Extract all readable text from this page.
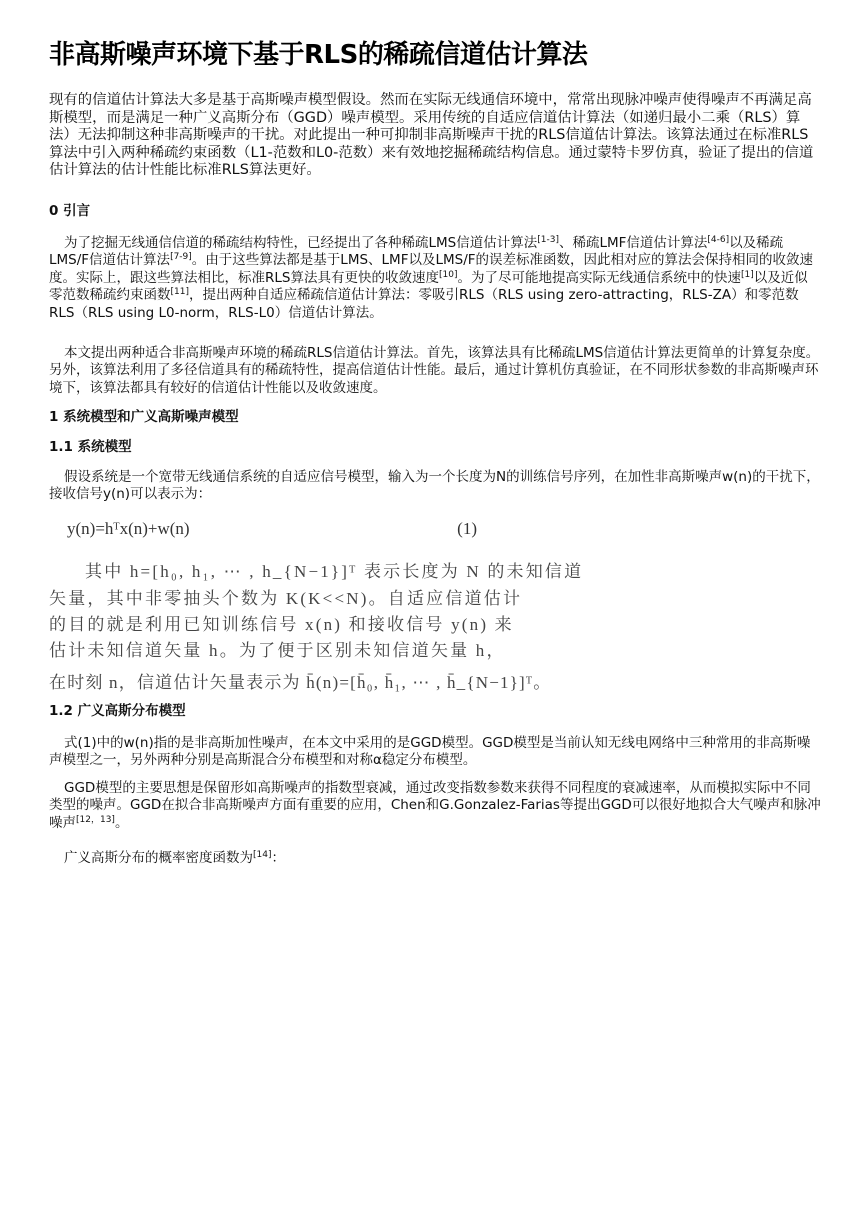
非高斯噪声环境下基于RLS的稀疏信道估计算法

现有的信道估计算法大多是基于高斯噪声模型假设。然而在实际无线通信环境中，常常出现脉冲噪声使得噪声不再满足高斯模型，而是满足一种广义高斯分布（GGD）噪声模型。采用传统的自适应信道估计算法（如递归最小二乘（RLS）算法）无法抑制这种非高斯噪声的干扰。对此提出一种可抑制非高斯噪声干扰的RLS信道估计算法。该算法通过在标准RLS算法中引入两种稀疏约束函数（L1-范数和L0-范数）来有效地挖掘稀疏结构信息。通过蒙特卡罗仿真，验证了提出的信道估计算法的估计性能比标准RLS算法更好。

0 引言

为了挖掘无线通信信道的稀疏结构特性，已经提出了各种稀疏LMS信道估计算法[1-3]、稀疏LMF信道估计算法[4-6]以及稀疏LMS/F信道估计算法[7-9]。由于这些算法都是基于LMS、LMF以及LMS/F的误差标准函数，因此相对应的算法会保持相同的收敛速度。实际上，跟这些算法相比，标准RLS算法具有更快的收敛速度[10]。为了尽可能地提高实际无线通信系统中的快速[1]以及近似零范数稀疏约束函数[11]，提出两种自适应稀疏信道估计算法：零吸引RLS（RLS using zero-attracting，RLS-ZA）和零范数RLS（RLS using L0-norm，RLS-L0）信道估计算法。

本文提出两种适合非高斯噪声环境的稀疏RLS信道估计算法。首先，该算法具有比稀疏LMS信道估计算法更简单的计算复杂度。另外，该算法利用了多径信道具有的稀疏特性，提高信道估计性能。最后，通过计算机仿真验证，在不同形状参数的非高斯噪声环境下，该算法都具有较好的信道估计性能以及收敛速度。

1 系统模型和广义高斯噪声模型
1.1 系统模型

假设系统是一个宽带无线通信系统的自适应信号模型，输入为一个长度为N的训练信号序列，在加性非高斯噪声w(n)的干扰下，接收信号y(n)可以表示为：

y(n)=hᵀx(n)+w(n)	(1)

其中 h=[h₀, h₁, ⋯ , h_{N−1}]ᵀ 表示长度为 N 的未知信道

矢量，其中非零抽头个数为 K(K<<N)。自适应信道估计

的目的就是利用已知训练信号 x(n) 和接收信号 y(n) 来

估计未知信道矢量 h。为了便于区别未知信道矢量 h，

在时刻 n，信道估计矢量表示为 h̄(n)=[h̄₀, h̄₁, ⋯ , h̄_{N−1}]ᵀ。

1.2 广义高斯分布模型

式(1)中的w(n)指的是非高斯加性噪声，在本文中采用的是GGD模型。GGD模型是当前认知无线电网络中三种常用的非高斯噪声模型之一，另外两种分别是高斯混合分布模型和对称α稳定分布模型。

GGD模型的主要思想是保留形如高斯噪声的指数型衰减，通过改变指数参数来获得不同程度的衰减速率，从而模拟实际中不同类型的噪声。GGD在拟合非高斯噪声方面有重要的应用，Chen和G.Gonzalez-Farias等提出GGD可以很好地拟合大气噪声和脉冲噪声[12，13]。

广义高斯分布的概率密度函数为[14]：
